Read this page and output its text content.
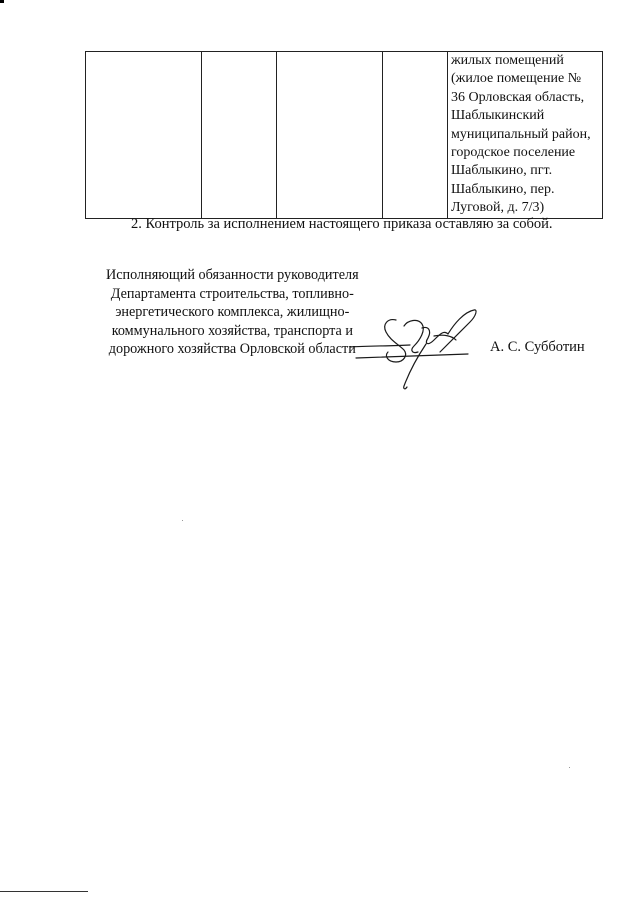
жилых помещений
(жилое помещение №
36 Орловская область,
Шаблыкинский
муниципальный район,
городское поселение
Шаблыкино, пгт.
Шаблыкино, пер.
Луговой, д. 7/3)
2. Контроль за исполнением настоящего приказа оставляю за собой.
Исполняющий обязанности руководителя
Департамента строительства, топливно-
энергетического комплекса, жилищно-
коммунального хозяйства, транспорта и
дорожного хозяйства Орловской области	А. С. Субботин
